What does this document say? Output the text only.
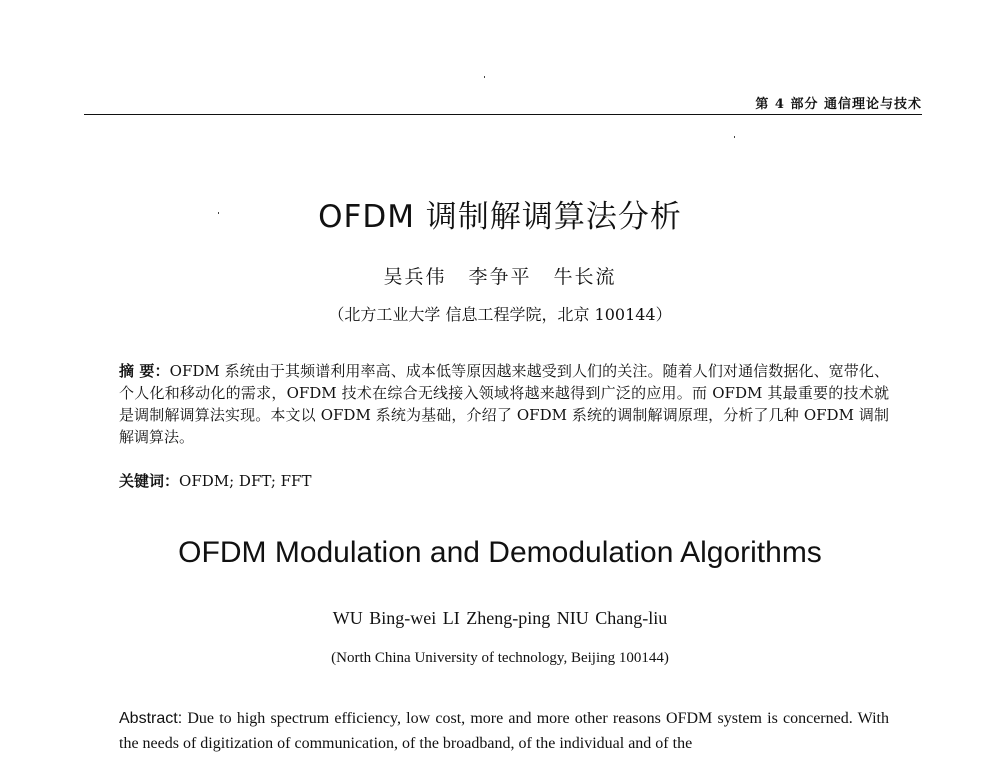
第 4 部分 通信理论与技术
OFDM 调制解调算法分析
吴兵伟 李争平 牛长流
（北方工业大学 信息工程学院，北京 100144）
摘 要：OFDM 系统由于其频谱利用率高、成本低等原因越来越受到人们的关注。随着人们对通信数据化、宽带化、个人化和移动化的需求，OFDM 技术在综合无线接入领域将越来越得到广泛的应用。而 OFDM 其最重要的技术就是调制解调算法实现。本文以 OFDM 系统为基础，介绍了 OFDM 系统的调制解调原理，分析了几种 OFDM 调制解调算法。
关键词：OFDM; DFT; FFT
OFDM Modulation and Demodulation Algorithms
WU Bing-wei LI Zheng-ping NIU Chang-liu
(North China University of technology, Beijing 100144)
Abstract: Due to high spectrum efficiency, low cost, more and more other reasons OFDM system is concerned. With the needs of digitization of communication, of the broadband, of the individual and of the
